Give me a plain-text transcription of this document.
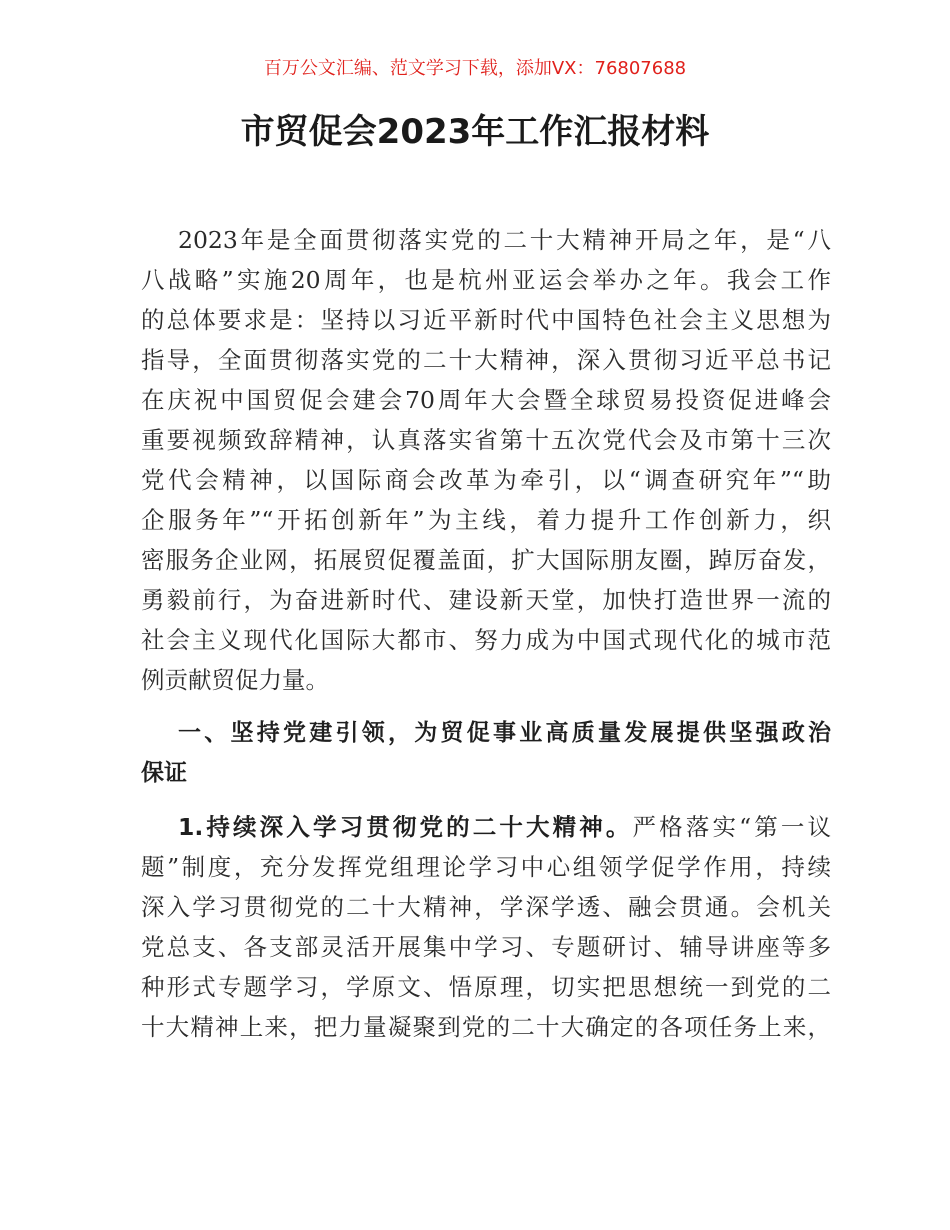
百万公文汇编、范文学习下载，添加VX：76807688
市贸促会2023年工作汇报材料
2023年是全面贯彻落实党的二十大精神开局之年，是“八
八战略”实施20周年，也是杭州亚运会举办之年。我会工作
的总体要求是：坚持以习近平新时代中国特色社会主义思想为
指导，全面贯彻落实党的二十大精神，深入贯彻习近平总书记
在庆祝中国贸促会建会70周年大会暨全球贸易投资促进峰会
重要视频致辞精神，认真落实省第十五次党代会及市第十三次
党代会精神，以国际商会改革为牵引，以“调查研究年”“助
企服务年”“开拓创新年”为主线，着力提升工作创新力，织
密服务企业网，拓展贸促覆盖面，扩大国际朋友圈，踔厉奋发，
勇毅前行，为奋进新时代、建设新天堂，加快打造世界一流的
社会主义现代化国际大都市、努力成为中国式现代化的城市范
例贡献贸促力量。
一、坚持党建引领，为贸促事业高质量发展提供坚强政治
保证
1.持续深入学习贯彻党的二十大精神。严格落实“第一议
题”制度，充分发挥党组理论学习中心组领学促学作用，持续
深入学习贯彻党的二十大精神，学深学透、融会贯通。会机关
党总支、各支部灵活开展集中学习、专题研讨、辅导讲座等多
种形式专题学习，学原文、悟原理，切实把思想统一到党的二
十大精神上来，把力量凝聚到党的二十大确定的各项任务上来，
